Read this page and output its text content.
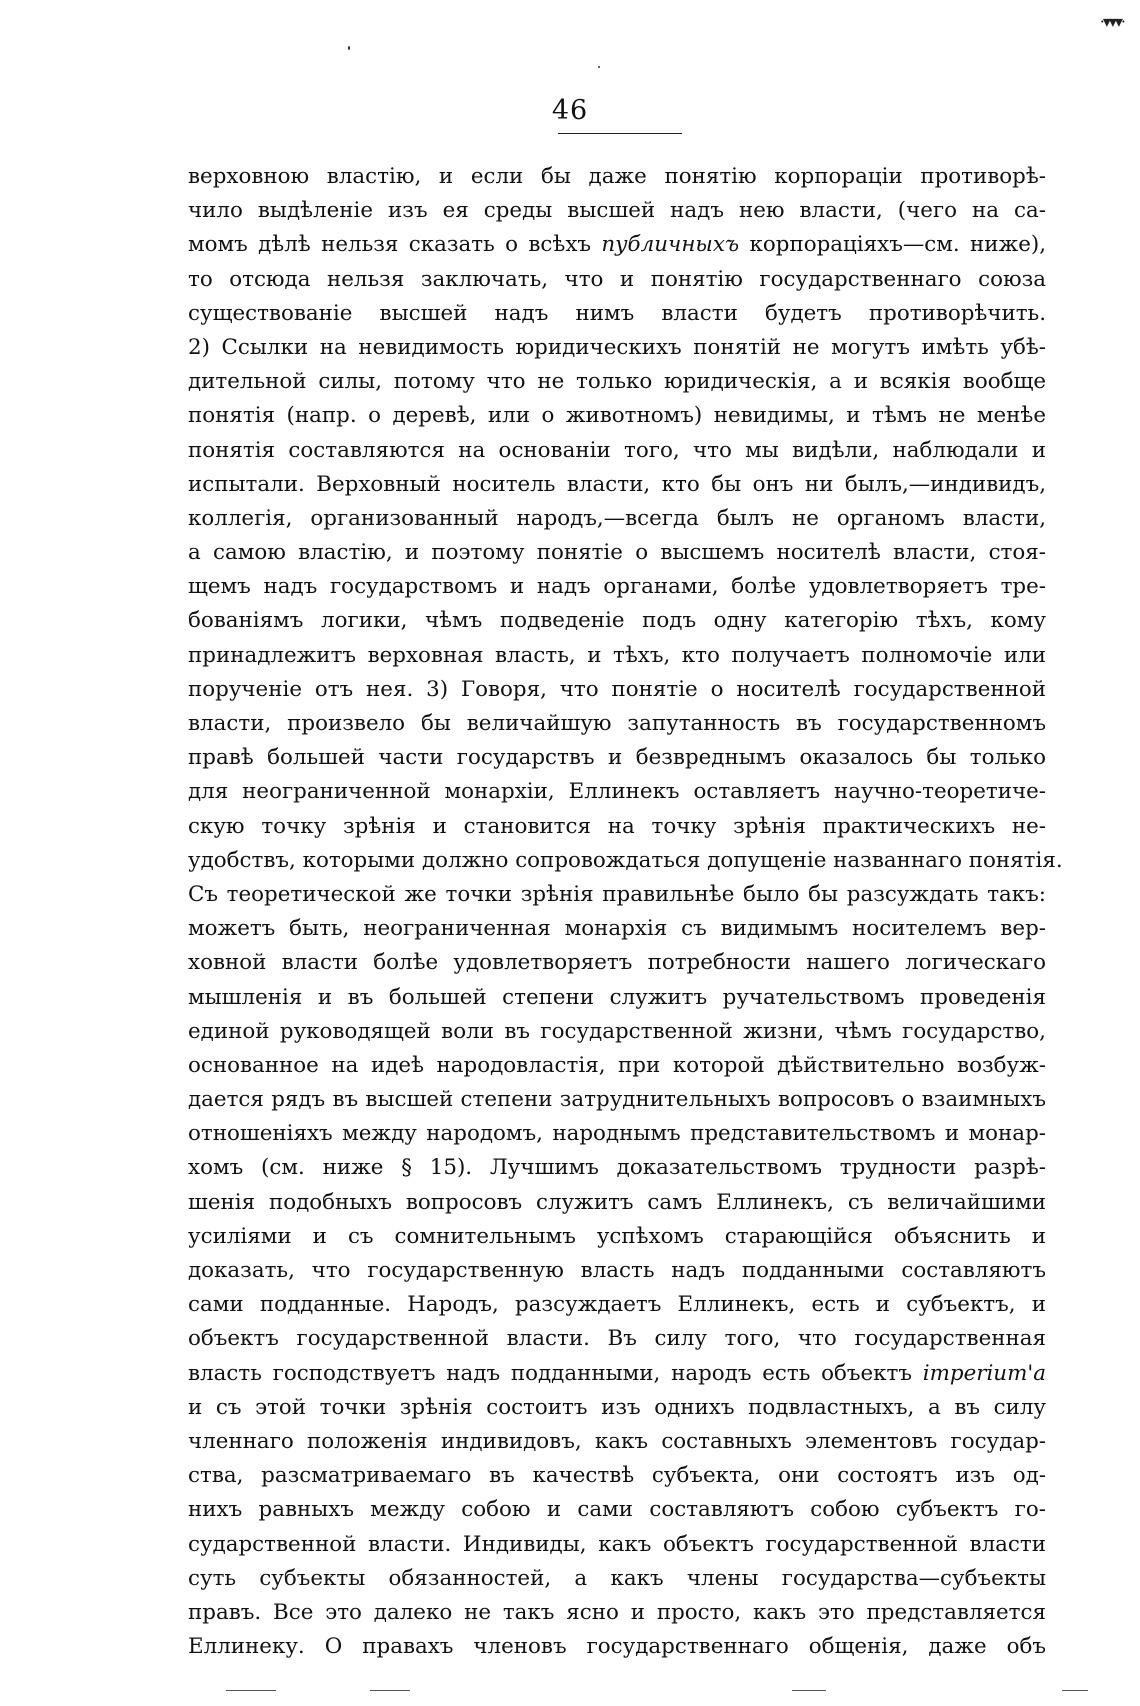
·▾▾▾·
46
верховною властію, и если бы даже понятію корпораціи противорѣ-
чило выдѣленіе изъ ея среды высшей надъ нею власти, (чего на са-
момъ дѣлѣ нельзя сказать о всѣхъ публичныхъ корпораціяхъ—см. ниже),
то отсюда нельзя заключать, что и понятію государственнаго союза
существованіе высшей надъ нимъ власти будетъ противорѣчить.
2) Ссылки на невидимость юридическихъ понятій не могутъ имѣть убѣ-
дительной силы, потому что не только юридическія, а и всякія вообще
понятія (напр. о деревѣ, или о животномъ) невидимы, и тѣмъ не менѣе
понятія составляются на основаніи того, что мы видѣли, наблюдали и
испытали. Верховный носитель власти, кто бы онъ ни былъ,—индивидъ,
коллегія, организованный народъ,—всегда былъ не органомъ власти,
а самою властію, и поэтому понятіе о высшемъ носителѣ власти, стоя-
щемъ надъ государствомъ и надъ органами, болѣе удовлетворяетъ тре-
бованіямъ логики, чѣмъ подведеніе подъ одну категорію тѣхъ, кому
принадлежитъ верховная власть, и тѣхъ, кто получаетъ полномочіе или
порученіе отъ нея. 3) Говоря, что понятіе о носителѣ государственной
власти, произвело бы величайшую запутанность въ государственномъ
правѣ большей части государствъ и безвреднымъ оказалось бы только
для неограниченной монархіи, Еллинекъ оставляетъ научно-теоретиче-
скую точку зрѣнія и становится на точку зрѣнія практическихъ не-
удобствъ, которыми должно сопровождаться допущеніе названнаго понятія.
Съ теоретической же точки зрѣнія правильнѣе было бы разсуждать такъ:
можетъ быть, неограниченная монархія съ видимымъ носителемъ вер-
ховной власти болѣе удовлетворяетъ потребности нашего логическаго
мышленія и въ большей степени служитъ ручательствомъ проведенія
единой руководящей воли въ государственной жизни, чѣмъ государство,
основанное на идеѣ народовластія, при которой дѣйствительно возбуж-
дается рядъ въ высшей степени затруднительныхъ вопросовъ о взаимныхъ
отношеніяхъ между народомъ, народнымъ представительствомъ и монар-
хомъ (см. ниже § 15). Лучшимъ доказательствомъ трудности разрѣ-
шенія подобныхъ вопросовъ служитъ самъ Еллинекъ, съ величайшими
усиліями и съ сомнительнымъ успѣхомъ старающійся объяснить и
доказать, что государственную власть надъ подданными составляютъ
сами подданные. Народъ, разсуждаетъ Еллинекъ, есть и субъектъ, и
объектъ государственной власти. Въ силу того, что государственная
власть господствуетъ надъ подданными, народъ есть объектъ imperium'a
и съ этой точки зрѣнія состоитъ изъ однихъ подвластныхъ, а въ силу
членнаго положенія индивидовъ, какъ составныхъ элементовъ государ-
ства, разсматриваемаго въ качествѣ субъекта, они состоятъ изъ од-
нихъ равныхъ между собою и сами составляютъ собою субъектъ го-
сударственной власти. Индивиды, какъ объектъ государственной власти
суть субъекты обязанностей, а какъ члены государства—субъекты
правъ. Все это далеко не такъ ясно и просто, какъ это представляется
Еллинеку. О правахъ членовъ государственнаго общенія, даже объ
